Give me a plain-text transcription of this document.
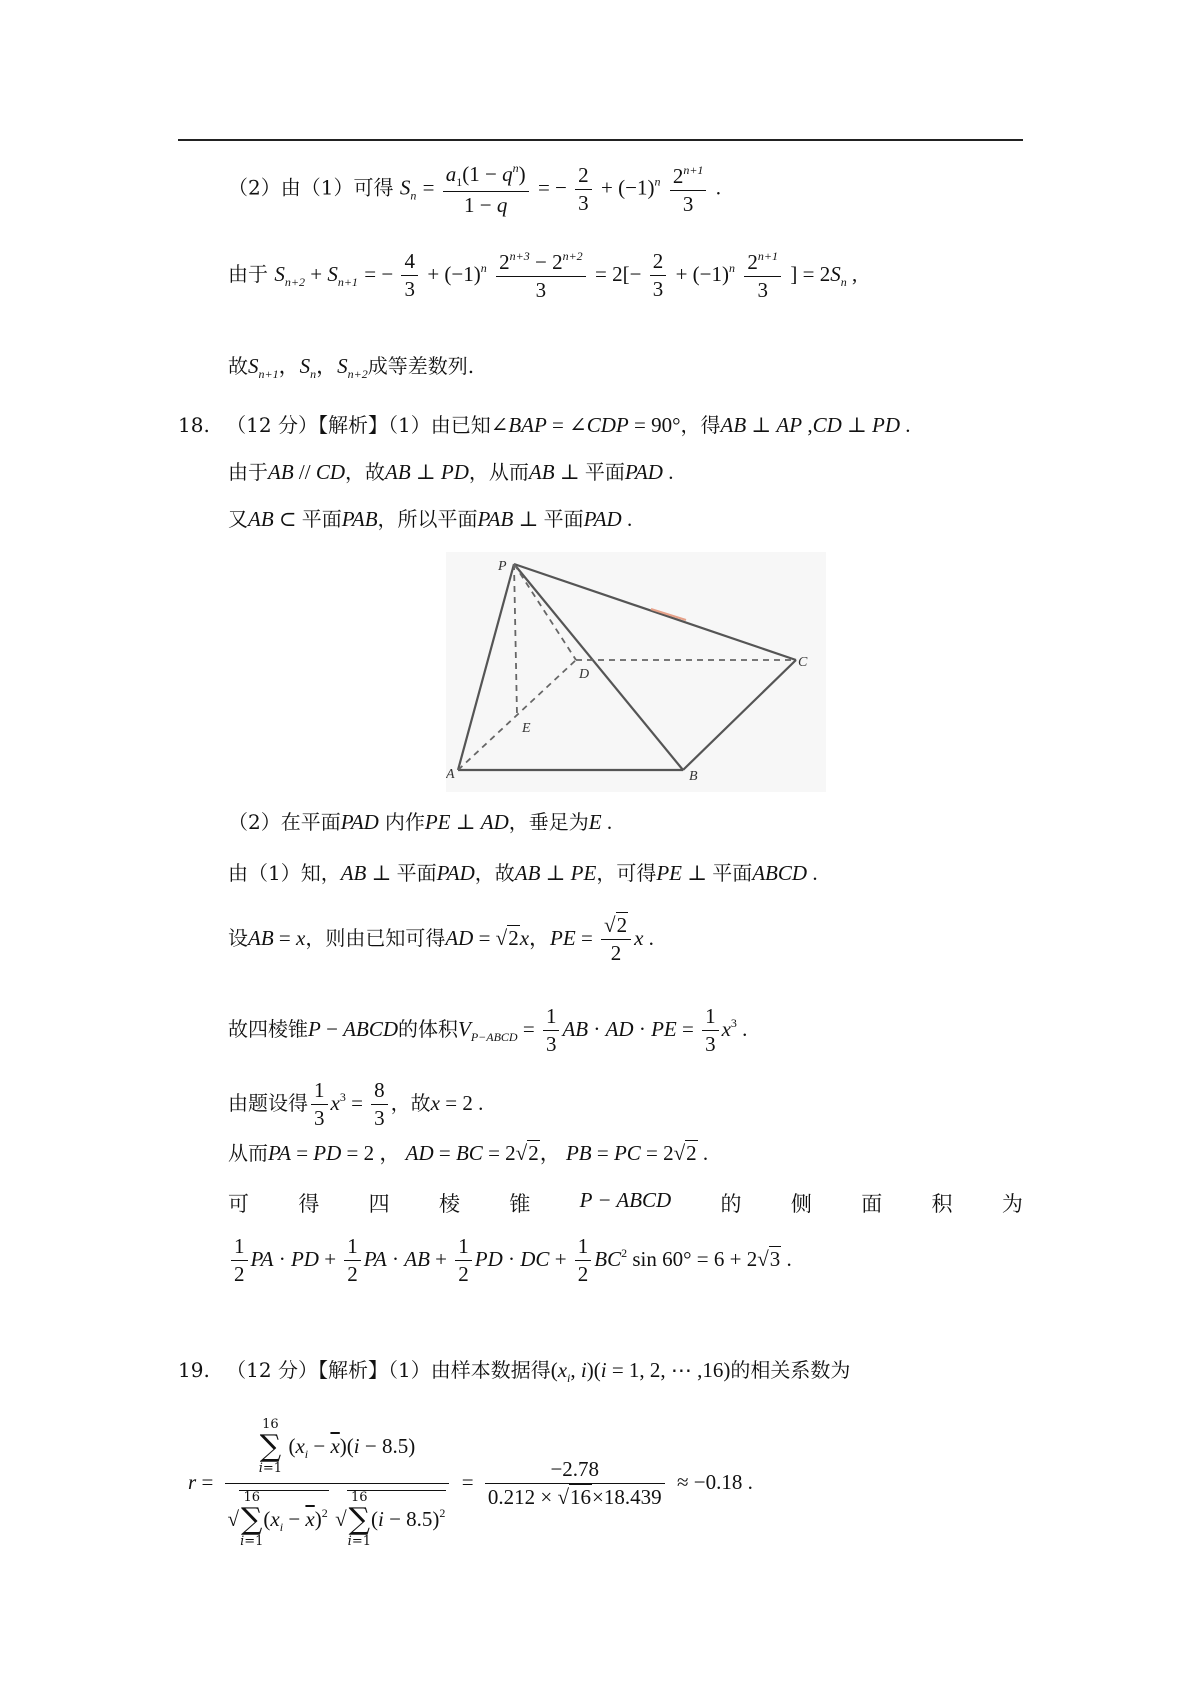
（2）由（1）可得 $S_n = \frac{a_1(1 - q^n)}{1 - q}$ = − $\frac{2}{3} + (-1)^n \frac{2^{n+1}}{3}$ .
由于 $S_{n+2} + S_{n+1}$ = − $\frac{4}{3} + (-1)^n \frac{2^{n+3} - 2^{n+2}}{3} = 2[- \frac{2}{3} + (-1)^n \frac{2^{n+1}}{3}$ ] = $2S_n$ ,
故$S_{n+1}$，$S_n$，$S_{n+2}$成等差数列.
18. （12 分）【解析】（1）由已知∠BAP = ∠CDP = 90°，得AB ⊥ AP ,CD ⊥ PD .
由于AB // CD，故AB ⊥ PD，从而AB ⊥ 平面PAD .
又AB ⊂ 平面PAB，所以平面PAB ⊥ 平面PAD .
P
D
C
E
A	B
（2）在平面PAD 内作PE ⊥ AD，垂足为E .
由（1）知，AB ⊥ 平面PAD，故AB ⊥ PE，可得PE ⊥ 平面ABCD .
设AB = x，则由已知可得AD = √2x，PE = $\frac{√2}{2}$ x .
故四棱锥P − ABCD的体积$V_{P-ABCD} = \frac{1}{3}$ AB · AD · PE = $\frac{1}{3} x^3$ .
由题设得 $\frac{1}{3} x^3 = \frac{8}{3}$ ，故x = 2 .
从而PA = PD = 2 ， AD = BC = 2√2， PB = PC = 2√2 .
可 得 四 棱 锥 P − ABCD 的 侧 面 积 为
$\frac{1}{2}$ PA · PD + $\frac{1}{2}$ PA · AB + $\frac{1}{2}$ PD · DC + $\frac{1}{2} BC^2$ sin 60° = 6 + 2√3 .
19. （12 分）【解析】（1）由样本数据得($x_i$, i)(i = 1, 2, ⋯ ,16)的相关系数为
r = 16
∑
i=1 $(x_i - \overline{x})(i - 8.5)$
√16
∑
$i=1(x_i - \overline{x})^2$ √16
∑
$i=1(i - 8.5)^2 = \frac{-2.78}{0.212 \times √16\times 18.439} \approx -0.18$ .
